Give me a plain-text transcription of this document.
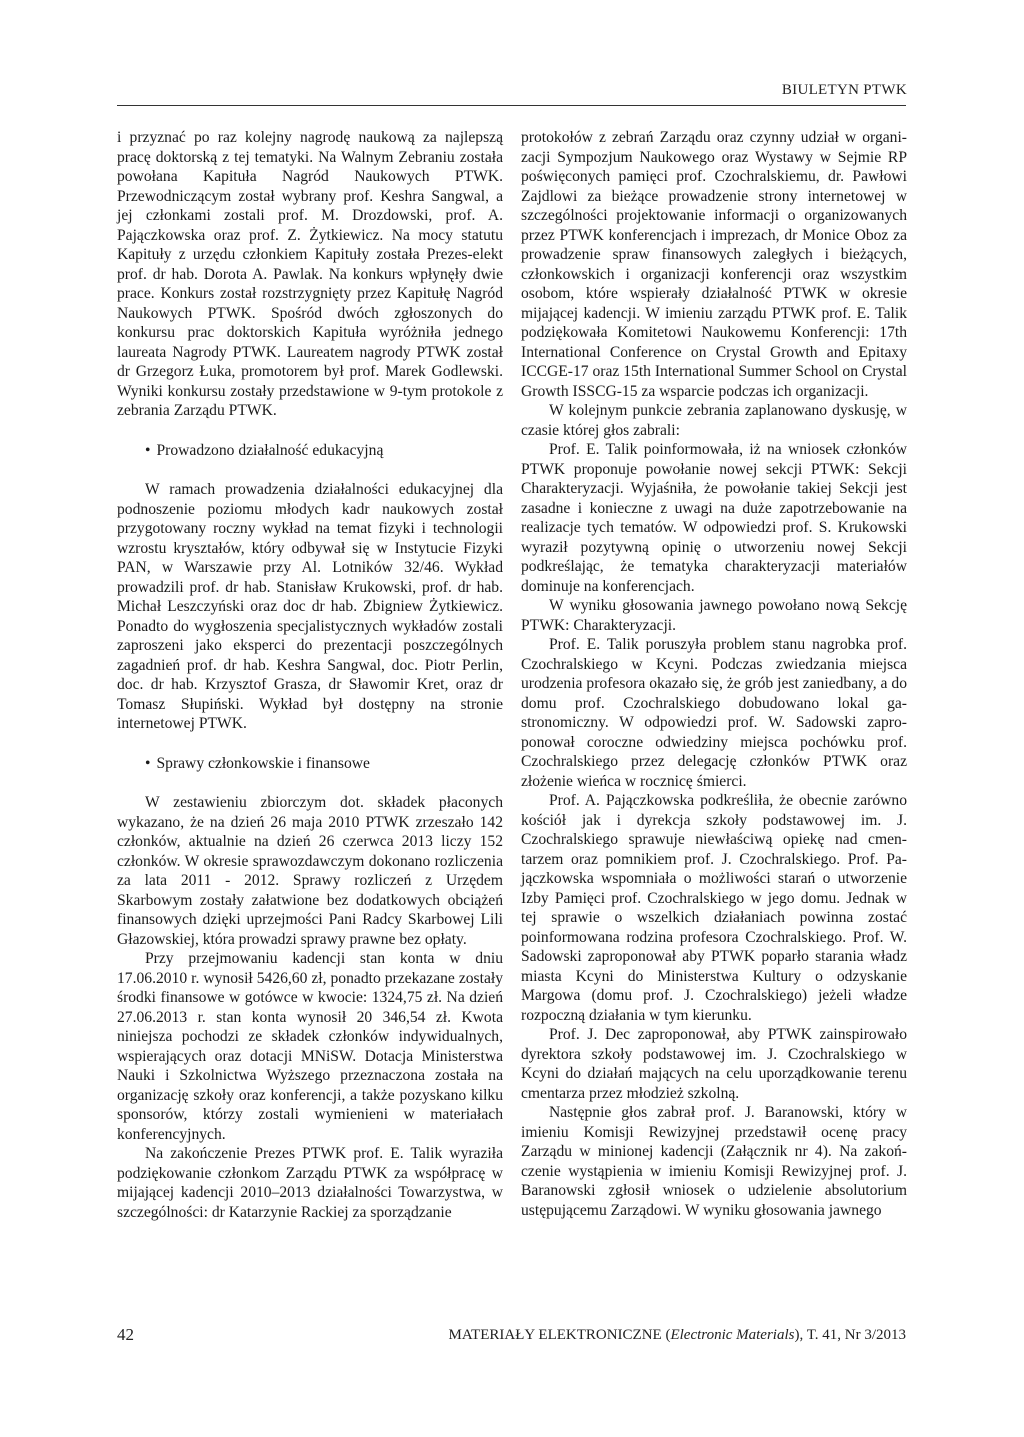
BIULETYN PTWK

i przyznać po raz kolejny nagrodę naukową za najlepszą pracę doktorską z tej tematyki. Na Walnym Zebraniu została powołana Kapituła Nagród Naukowych PTWK. Przewodniczącym został wybrany prof. Keshra Sangwal, a jej członkami zostali prof. M. Drozdowski, prof. A. Pajączkowska oraz prof. Z. Żytkiewicz. Na mocy statutu Kapituły z urzędu członkiem Kapituły została Prezes-elekt prof. dr hab. Dorota A. Pawlak. Na konkurs wpłynęły dwie prace. Konkurs został rozstrzygnięty przez Kapitułę Nagród Naukowych PTWK. Spośród dwóch zgłoszonych do konkursu prac doktorskich Kapituła wyróżniła jednego laureata Nagrody PTWK. Laureatem nagrody PTWK został dr Grzegorz Łuka, promotorem był prof. Marek Godlewski. Wyniki konkursu zostały przedstawione w 9-tym protokole z zebrania Zarządu PTWK.

• Prowadzono działalność edukacyjną

W ramach prowadzenia działalności edukacyjnej dla podnoszenie poziomu młodych kadr naukowych został przygotowany roczny wykład na temat fizyki i technologii wzrostu kryształów, który odbywał się w Instytucie Fizyki PAN, w Warszawie przy Al. Lotników 32/46. Wykład prowadzili prof. dr hab. Stanisław Krukowski, prof. dr hab. Michał Leszczyński oraz doc dr hab. Zbigniew Żytkiewicz. Ponadto do wygłoszenia specjalistycznych wykładów zostali zaproszeni jako eksperci do prezentacji poszczególnych zagadnień prof. dr hab. Keshra Sangwal, doc. Piotr Perlin, doc. dr hab. Krzysztof Grasza, dr Sławomir Kret, oraz dr Tomasz Słupiński. Wykład był dostępny na stronie internetowej PTWK.

• Sprawy członkowskie i finansowe

W zestawieniu zbiorczym dot. składek płaconych wykazano, że na dzień 26 maja 2010 PTWK zrzeszało 142 członków, aktualnie na dzień 26 czerwca 2013 liczy 152 członków. W okresie sprawozdawczym dokonano rozliczenia za lata 2011 - 2012. Sprawy rozliczeń z Urzędem Skarbowym zostały załatwione bez dodatkowych obciążeń finansowych dzięki uprzejmości Pani Radcy Skarbowej Lili Głazowskiej, która prowadzi sprawy prawne bez opłaty.

Przy przejmowaniu kadencji stan konta w dniu 17.06.2010 r. wynosił 5426,60 zł, ponadto przekazane zostały środki finansowe w gotówce w kwocie: 1324,75 zł. Na dzień 27.06.2013 r. stan konta wynosił 20 346,54 zł. Kwota niniejsza pochodzi ze składek członków indywidualnych, wspierających oraz dotacji MNiSW. Dotacja Ministerstwa Nauki i Szkolnictwa Wyższego przeznaczona została na organizację szkoły oraz konferencji, a także pozyskano kilku sponsorów, którzy zostali wymienieni w materiałach konferencyjnych.

Na zakończenie Prezes PTWK prof. E. Talik wyraziła podziękowanie członkom Zarządu PTWK za współpracę w mijającej kadencji 2010–2013 działalności Towarzystwa, w szczególności: dr Katarzynie Rackiej za sporządzanie

protokołów z zebrań Zarządu oraz czynny udział w organizacji Sympozjum Naukowego oraz Wystawy w Sejmie RP poświęconych pamięci prof. Czochralskiemu, dr. Pawłowi Zajdlowi za bieżące prowadzenie strony internetowej w szczególności projektowanie informacji o organizowanych przez PTWK konferencjach i imprezach, dr Monice Oboz za prowadzenie spraw finansowych zaległych i bieżących, członkowskich i organizacji konferencji oraz wszystkim osobom, które wspierały działalność PTWK w okresie mijającej kadencji. W imieniu zarządu PTWK prof. E. Talik podziękowała Komitetowi Naukowemu Konferencji: 17th International Conference on Crystal Growth and Epitaxy ICCGE-17 oraz 15th International Summer School on Crystal Growth ISSCG-15 za wsparcie podczas ich organizacji.

W kolejnym punkcie zebrania zaplanowano dyskusję, w czasie której głos zabrali:

Prof. E. Talik poinformowała, iż na wniosek członków PTWK proponuje powołanie nowej sekcji PTWK: Sekcji Charakteryzacji. Wyjaśniła, że powołanie takiej Sekcji jest zasadne i konieczne z uwagi na duże zapotrzebowanie na realizacje tych tematów. W odpowiedzi prof. S. Krukowski wyraził pozytywną opinię o utworzeniu nowej Sekcji podkreślając, że tematyka charakteryzacji materiałów dominuje na konferencjach.

W wyniku głosowania jawnego powołano nową Sekcję PTWK: Charakteryzacji.

Prof. E. Talik poruszyła problem stanu nagrobka prof. Czochralskiego w Kcyni. Podczas zwiedzania miejsca urodzenia profesora okazało się, że grób jest zaniedbany, a do domu prof. Czochralskiego dobudowano lokal gastronomiczny. W odpowiedzi prof. W. Sadowski zaproponował coroczne odwiedziny miejsca pochówku prof. Czochralskiego przez delegację członków PTWK oraz złożenie wieńca w rocznicę śmierci.

Prof. A. Pajączkowska podkreśliła, że obecnie zarówno kościół jak i dyrekcja szkoły podstawowej im. J. Czochralskiego sprawuje niewłaściwą opiekę nad cmentarzem oraz pomnikiem prof. J. Czochralskiego. Prof. Pajączkowska wspomniała o możliwości starań o utworzenie Izby Pamięci prof. Czochralskiego w jego domu. Jednak w tej sprawie o wszelkich działaniach powinna zostać poinformowana rodzina profesora Czochralskiego. Prof. W. Sadowski zaproponował aby PTWK poparło starania władz miasta Kcyni do Ministerstwa Kultury o odzyskanie Margowa (domu prof. J. Czochralskiego) jeżeli władze rozpoczną działania w tym kierunku.

Prof. J. Dec zaproponował, aby PTWK zainspirowało dyrektora szkoły podstawowej im. J. Czochralskiego w Kcyni do działań mających na celu uporządkowanie terenu cmentarza przez młodzież szkolną.

Następnie głos zabrał prof. J. Baranowski, który w imieniu Komisji Rewizyjnej przedstawił ocenę pracy Zarządu w minionej kadencji (Załącznik nr 4). Na zakończenie wystąpienia w imieniu Komisji Rewizyjnej prof. J. Baranowski zgłosił wniosek o udzielenie absolutorium ustępującemu Zarządowi. W wyniku głosowania jawnego

42	MATERIAŁY ELEKTRONICZNE (Electronic Materials), T. 41, Nr 3/2013
